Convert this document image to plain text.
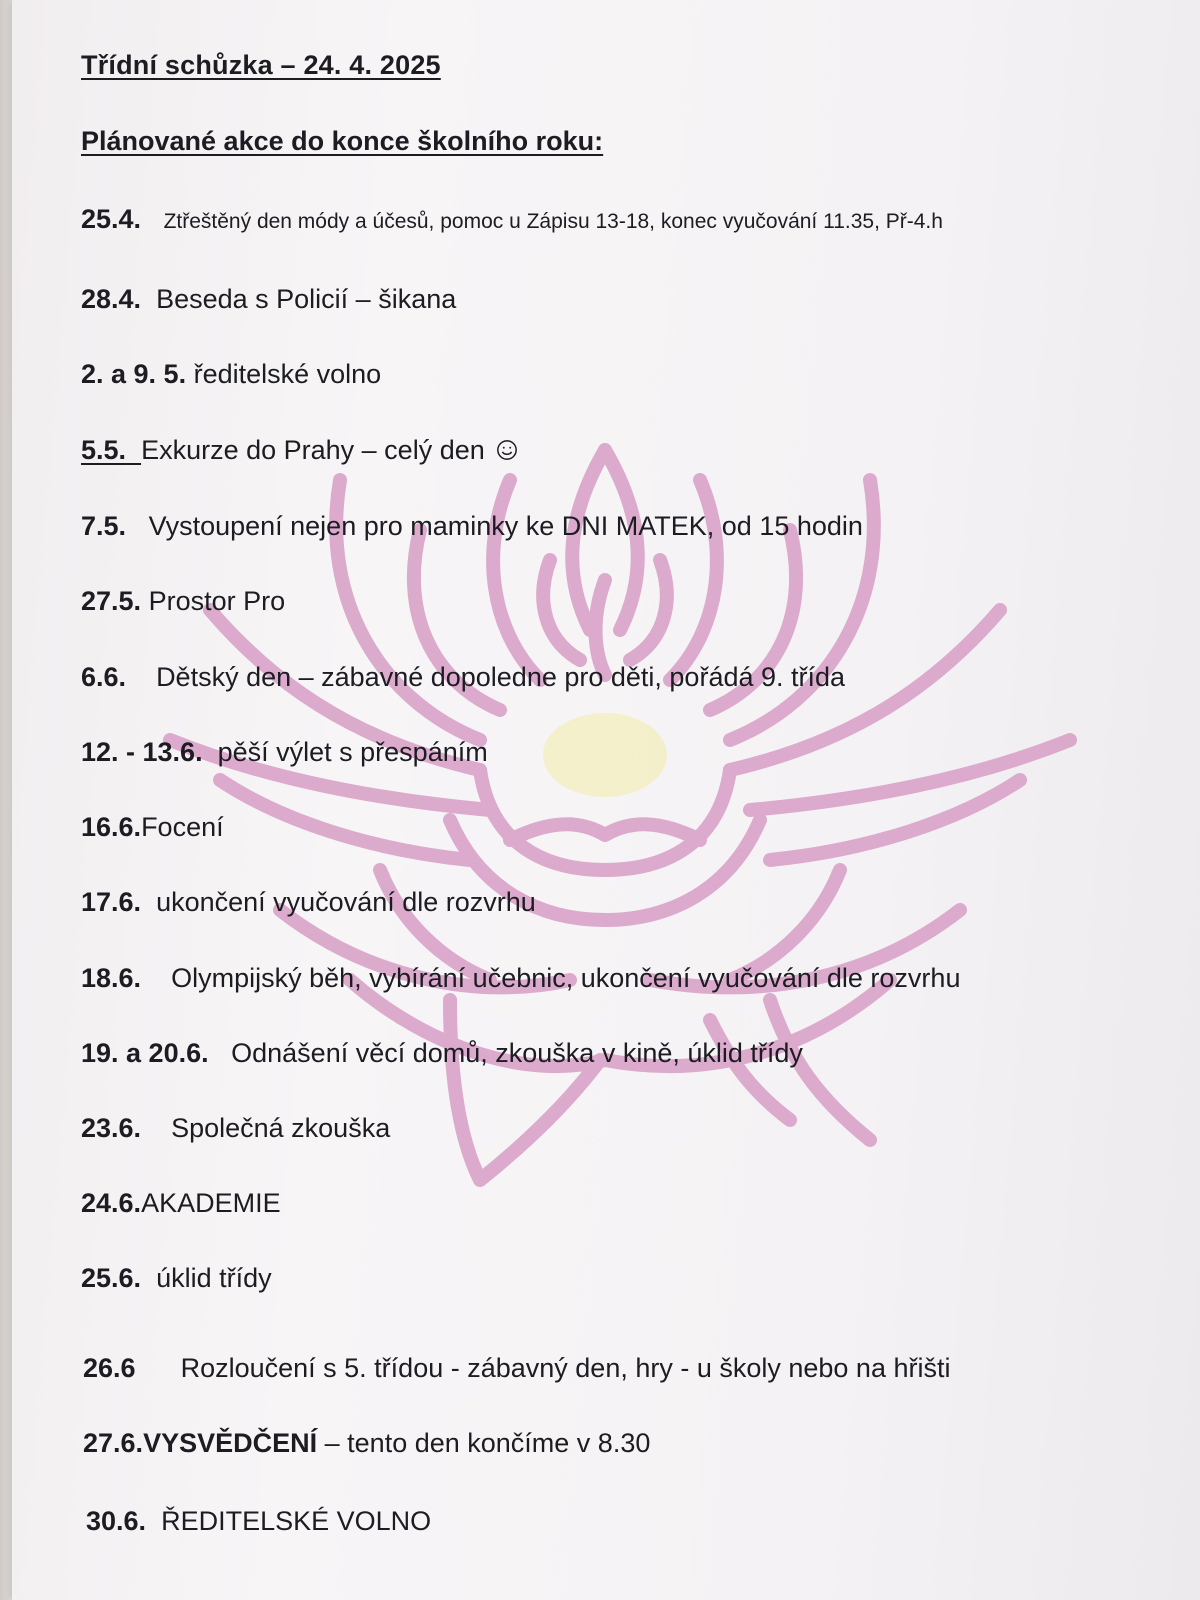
Třídní schůzka – 24. 4. 2025
Plánované akce do konce školního roku:
25.4. Ztřeštěný den módy a účesů, pomoc u Zápisu 13-18, konec vyučování 11.35, Př-4.h
28.4. Beseda s Policií – šikana
2. a 9. 5. ředitelské volno
5.5. Exkurze do Prahy – celý den
7.5. Vystoupení nejen pro maminky ke DNI MATEK, od 15 hodin
27.5. Prostor Pro
6.6. Dětský den – zábavné dopoledne pro děti, pořádá 9. třída
12. - 13.6. pěší výlet s přespáním
16.6.Focení
17.6. ukončení vyučování dle rozvrhu
18.6. Olympijský běh, vybírání učebnic, ukončení vyučování dle rozvrhu
19. a 20.6. Odnášení věcí domů, zkouška v kině, úklid třídy
23.6. Společná zkouška
24.6.AKADEMIE
25.6. úklid třídy
26.6 Rozloučení s 5. třídou - zábavný den, hry - u školy nebo na hřišti
27.6.VYSVĚDČENÍ – tento den končíme v 8.30
30.6. ŘEDITELSKÉ VOLNO
